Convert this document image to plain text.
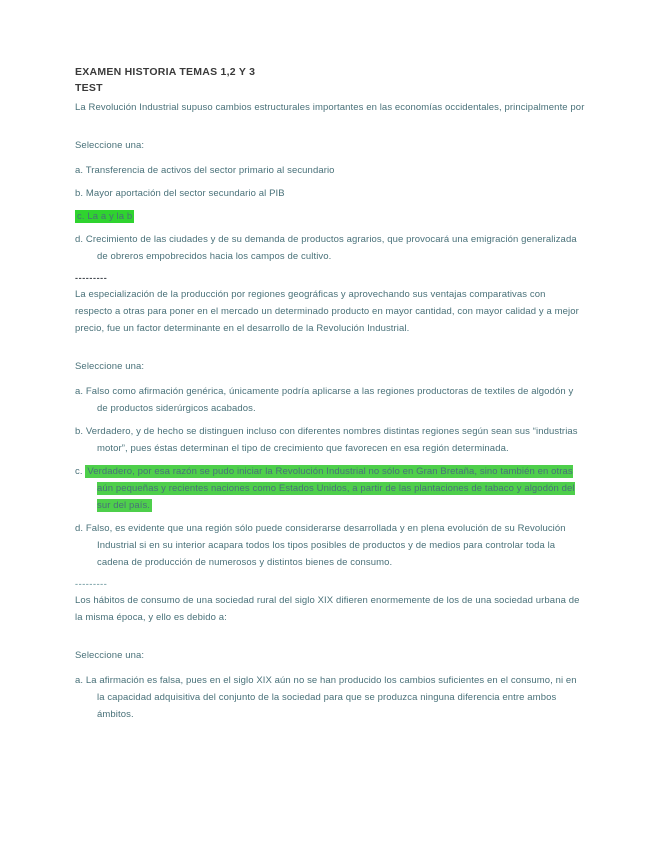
EXAMEN HISTORIA TEMAS 1,2 Y 3
TEST
La Revolución Industrial supuso cambios estructurales importantes en las economías occidentales, principalmente por
Seleccione una:
a. Transferencia de activos del sector primario al secundario
b. Mayor aportación del sector secundario al PIB
c. La a y la b
d. Crecimiento de las ciudades y de su demanda de productos agrarios, que provocará una emigración generalizada de obreros empobrecidos hacia los campos de cultivo.
---------
La especialización de la producción por regiones geográficas y aprovechando sus ventajas comparativas con respecto a otras para poner en el mercado un determinado producto en mayor cantidad, con mayor calidad y a mejor precio, fue un factor determinante en el desarrollo de la Revolución Industrial.
Seleccione una:
a. Falso como afirmación genérica, únicamente podría aplicarse a las regiones productoras de textiles de algodón y de productos siderúrgicos acabados.
b. Verdadero, y de hecho se distinguen incluso con diferentes nombres distintas regiones según sean sus “industrias motor”, pues éstas determinan el tipo de crecimiento que favorecen en esa región determinada.
c. Verdadero, por esa razón se pudo iniciar la Revolución Industrial no sólo en Gran Bretaña, sino también en otras aún pequeñas y recientes naciones como Estados Unidos, a partir de las plantaciones de tabaco y algodón del sur del país.
d. Falso, es evidente que una región sólo puede considerarse desarrollada y en plena evolución de su Revolución Industrial si en su interior acapara todos los tipos posibles de productos y de medios para controlar toda la cadena de producción de numerosos y distintos bienes de consumo.
---------
Los hábitos de consumo de una sociedad rural del siglo XIX difieren enormemente de los de una sociedad urbana de la misma época, y ello es debido a:
Seleccione una:
a. La afirmación es falsa, pues en el siglo XIX aún no se han producido los cambios suficientes en el consumo, ni en la capacidad adquisitiva del conjunto de la sociedad para que se produzca ninguna diferencia entre ambos ámbitos.
